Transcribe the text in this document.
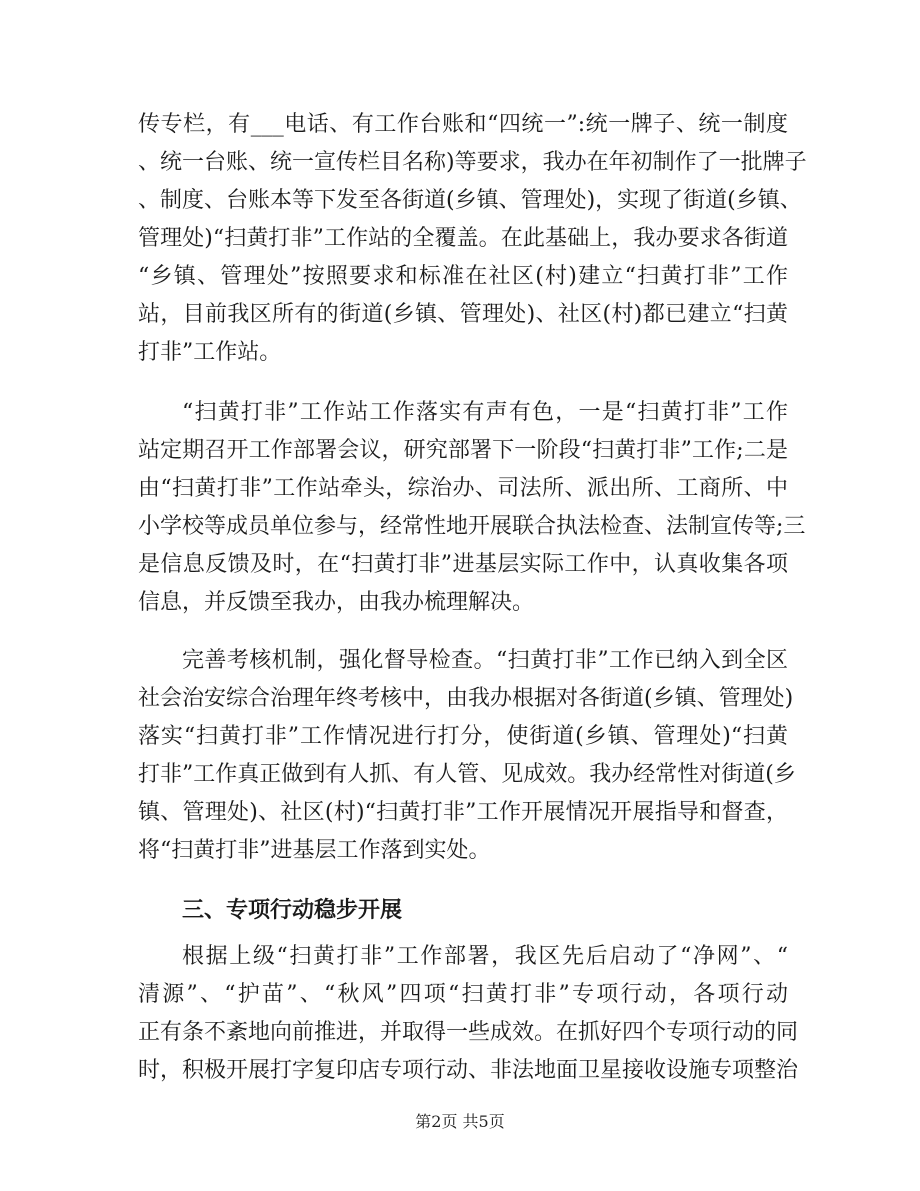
传专栏，有___电话、有工作台账和“四统一”:统一牌子、统一制度
、统一台账、统一宣传栏目名称)等要求，我办在年初制作了一批牌子
、制度、台账本等下发至各街道(乡镇、管理处)，实现了街道(乡镇、
管理处)“扫黄打非”工作站的全覆盖。在此基础上，我办要求各街道
“乡镇、管理处”按照要求和标准在社区(村)建立“扫黄打非”工作
站，目前我区所有的街道(乡镇、管理处)、社区(村)都已建立“扫黄
打非”工作站。
“扫黄打非”工作站工作落实有声有色，一是“扫黄打非”工作
站定期召开工作部署会议，研究部署下一阶段“扫黄打非”工作;二是
由“扫黄打非”工作站牵头，综治办、司法所、派出所、工商所、中
小学校等成员单位参与，经常性地开展联合执法检查、法制宣传等;三
是信息反馈及时，在“扫黄打非”进基层实际工作中，认真收集各项
信息，并反馈至我办，由我办梳理解决。
完善考核机制，强化督导检查。“扫黄打非”工作已纳入到全区
社会治安综合治理年终考核中，由我办根据对各街道(乡镇、管理处)
落实“扫黄打非”工作情况进行打分，使街道(乡镇、管理处)“扫黄
打非”工作真正做到有人抓、有人管、见成效。我办经常性对街道(乡
镇、管理处)、社区(村)“扫黄打非”工作开展情况开展指导和督查，
将“扫黄打非”进基层工作落到实处。
三、专项行动稳步开展
根据上级“扫黄打非”工作部署，我区先后启动了“净网”、“
清源”、“护苗”、“秋风”四项“扫黄打非”专项行动，各项行动
正有条不紊地向前推进，并取得一些成效。在抓好四个专项行动的同
时，积极开展打字复印店专项行动、非法地面卫星接收设施专项整治
第2页 共5页
